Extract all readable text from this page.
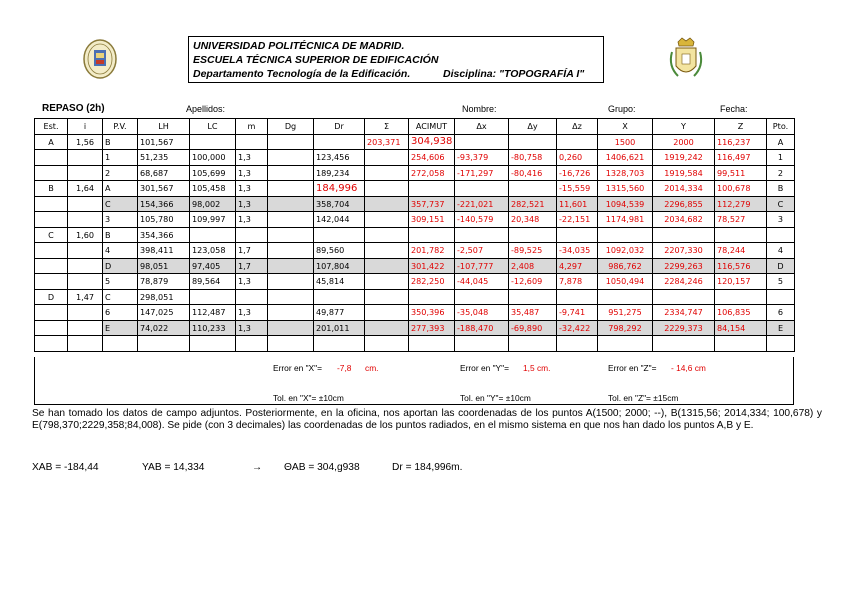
UNIVERSIDAD POLITÉCNICA DE MADRID.
ESCUELA TÉCNICA SUPERIOR DE EDIFICACIÓN
Departamento Tecnología de la Edificación.	Disciplina: "TOPOGRAFÍA I"
REPASO (2h)	Apellidos:	Nombre:	Grupo:	Fecha:
Est.	i	P.V.	LH	LC	m	Dg	Dr	Σ	ACIMUT	Δx	Δy	Δz	X	Y	Z	Pto.
A	1,56	B	101,567					203,371	304,938				1500	2000	116,237	A
		1	51,235	100,000	1,3		123,456		254,606	-93,379	-80,758	0,260	1406,621	1919,242	116,497	1
		2	68,687	105,699	1,3		189,234		272,058	-171,297	-80,416	-16,726	1328,703	1919,584	99,511	2
B	1,64	A	301,567	105,458	1,3		184,996					-15,559	1315,560	2014,334	100,678	B
		C	154,366	98,002	1,3		358,704		357,737	-221,021	282,521	11,601	1094,539	2296,855	112,279	C
		3	105,780	109,997	1,3		142,044		309,151	-140,579	20,348	-22,151	1174,981	2034,682	78,527	3
C	1,60	B	354,366													
		4	398,411	123,058	1,7		89,560		201,782	-2,507	-89,525	-34,035	1092,032	2207,330	78,244	4
		D	98,051	97,405	1,7		107,804		301,422	-107,777	2,408	4,297	986,762	2299,263	116,576	D
		5	78,879	89,564	1,3		45,814		282,250	-44,045	-12,609	7,878	1050,494	2284,246	120,157	5
D	1,47	C	298,051													
		6	147,025	112,487	1,3		49,877		350,396	-35,048	35,487	-9,741	951,275	2334,747	106,835	6
		E	74,022	110,233	1,3		201,011		277,393	-188,470	-69,890	-32,422	798,292	2229,373	84,154	E

Error en "X"= -7,8 cm.	Error en "Y"= 1,5 cm.	Error en "Z"= - 14,6 cm
Tol. en "X"= ±10cm	Tol. en "Y"= ±10cm	Tol. en "Z"= ±15cm
Se han tomado los datos de campo adjuntos. Posteriormente, en la oficina, nos aportan las coordenadas de los puntos A(1500; 2000; --), B(1315,56; 2014,334; 100,678) y E(798,370;2229,358;84,008). Se pide (con 3 decimales) las coordenadas de los puntos radiados, en el mismo sistema en que nos han dado los puntos A,B y E.
XAB = -184,44	YAB = 14,334	→ ΘAB = 304,g938	Dr = 184,996m.
